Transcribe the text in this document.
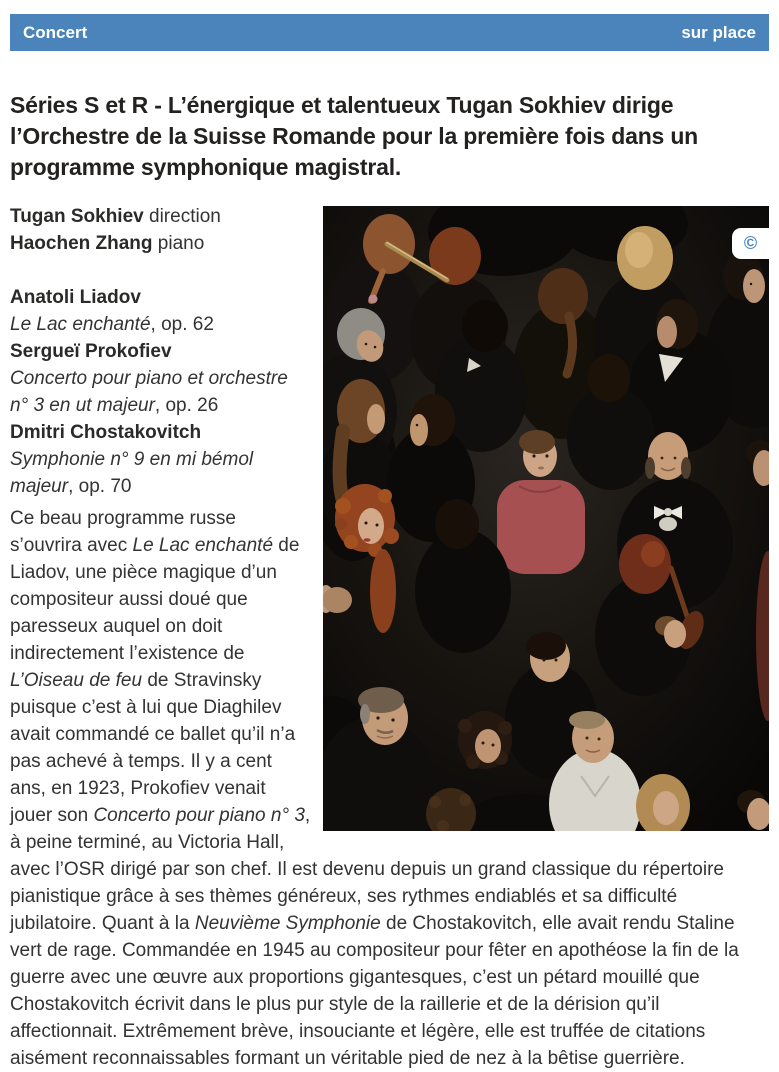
Concert	sur place
Séries S et R - L’énergique et talentueux Tugan Sokhiev dirige l’Orchestre de la Suisse Romande pour la première fois dans un programme symphonique magistral.
©

Tugan Sokhiev direction
Haochen Zhang piano

Anatoli Liadov
Le Lac enchanté, op. 62
Sergueï Prokofiev
Concerto pour piano et orchestre n° 3 en ut majeur, op. 26
Dmitri Chostakovitch
Symphonie n° 9 en mi bémol majeur, op. 70

Ce beau programme russe s’ouvrira avec Le Lac enchanté de Liadov, une pièce magique d’un compositeur aussi doué que paresseux auquel on doit indirectement l’existence de L’Oiseau de feu de Stravinsky puisque c’est à lui que Diaghilev avait commandé ce ballet qu’il n’a pas achevé à temps. Il y a cent ans, en 1923, Prokofiev venait jouer son Concerto pour piano n° 3, à peine terminé, au Victoria Hall, avec l’OSR dirigé par son chef. Il est devenu depuis un grand classique du répertoire pianistique grâce à ses thèmes généreux, ses rythmes endiablés et sa difficulté jubilatoire. Quant à la Neuvième Symphonie de Chostakovitch, elle avait rendu Staline vert de rage. Commandée en 1945 au compositeur pour fêter en apothéose la fin de la guerre avec une œuvre aux proportions gigantesques, c’est un pétard mouillé que Chostakovitch écrivit dans le plus pur style de la raillerie et de la dérision qu’il affectionnait. Extrêmement brève, insouciante et légère, elle est truffée de citations aisément reconnaissables formant un véritable pied de nez à la bêtise guerrière.
